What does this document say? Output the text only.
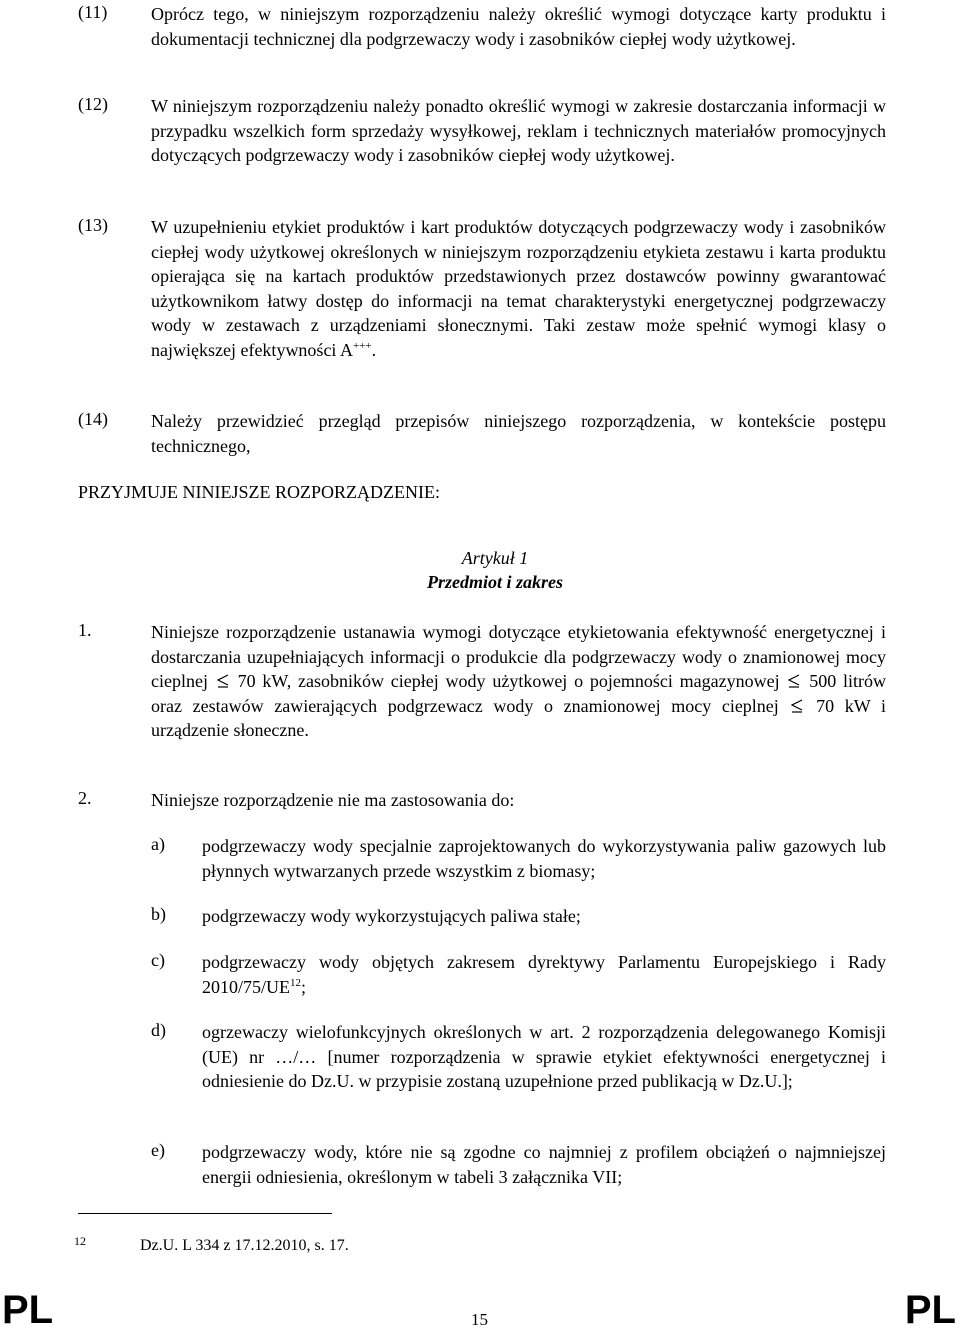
(11) Oprócz tego, w niniejszym rozporządzeniu należy określić wymogi dotyczące karty produktu i dokumentacji technicznej dla podgrzewaczy wody i zasobników ciepłej wody użytkowej.
(12) W niniejszym rozporządzeniu należy ponadto określić wymogi w zakresie dostarczania informacji w przypadku wszelkich form sprzedaży wysyłkowej, reklam i technicznych materiałów promocyjnych dotyczących podgrzewaczy wody i zasobników ciepłej wody użytkowej.
(13) W uzupełnieniu etykiet produktów i kart produktów dotyczących podgrzewaczy wody i zasobników ciepłej wody użytkowej określonych w niniejszym rozporządzeniu etykieta zestawu i karta produktu opierająca się na kartach produktów przedstawionych przez dostawców powinny gwarantować użytkownikom łatwy dostęp do informacji na temat charakterystyki energetycznej podgrzewaczy wody w zestawach z urządzeniami słonecznymi. Taki zestaw może spełnić wymogi klasy o największej efektywności A+++.
(14) Należy przewidzieć przegląd przepisów niniejszego rozporządzenia, w kontekście postępu technicznego,
PRZYJMUJE NINIEJSZE ROZPORZĄDZENIE:
Artykuł 1
Przedmiot i zakres
1.	Niniejsze rozporządzenie ustanawia wymogi dotyczące etykietowania efektywność energetycznej i dostarczania uzupełniających informacji o produkcie dla podgrzewaczy wody o znamionowej mocy cieplnej 70 kW, zasobników ciepłej wody użytkowej o pojemności magazynowej 500 litrów oraz zestawów zawierających podgrzewacz wody o znamionowej mocy cieplnej 70 kW i urządzenie słoneczne.
2.	Niniejsze rozporządzenie nie ma zastosowania do:
a) podgrzewaczy wody specjalnie zaprojektowanych do wykorzystywania paliw gazowych lub płynnych wytwarzanych przede wszystkim z biomasy;
b) podgrzewaczy wody wykorzystujących paliwa stałe;
c) podgrzewaczy wody objętych zakresem dyrektywy Parlamentu Europejskiego i Rady 2010/75/UE$^{12}$;
d) ogrzewaczy wielofunkcyjnych określonych w art. 2 rozporządzenia delegowanego Komisji (UE) nr …/… [numer rozporządzenia w sprawie etykiet efektywności energetycznej i odniesienie do Dz.U. w przypisie zostaną uzupełnione przed publikacją w Dz.U.];
e) podgrzewaczy wody, które nie są zgodne co najmniej z profilem obciążeń o najmniejszej energii odniesienia, określonym w tabeli 3 załącznika VII;
12	Dz.U. L 334 z 17.12.2010, s. 17.
PL	15	PL
